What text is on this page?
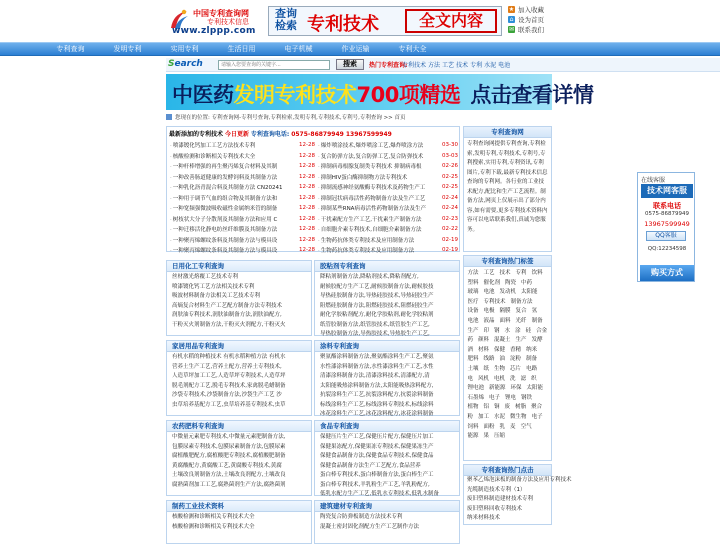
中国专利查询网
专利技术信息
www.zlppp.com
查询检索 专利技术	全文内容
★ 加入收藏
⌂ 设为首页
✉ 联系我们
专利查询	发明专利	实用专利	生活日用	电子机械	作业运输	专利大全
Search
请输入您要查询的关键字...	搜索	热门专利查询:
专利技术 方法 工艺 技术 专利 水泥 电池
中医药发明专利技术700项精选 点击查看详情
您现在的位置: 专利查询网-专利号查询,专利检索,发明专利,专利技术,专利号,专利查询 >> 首页
最新添加的专利技术 今日更新 专利查询电话: 0575-86879949 13967599949
· 喷漆镀化钙加工工艺方法技术专利	12-28
· 核酸检测和诊断相关专利技术大全	12-28
· 一种杆棒增强的再生聚丙烯复合材料及其制	12-28
· 一种改善肠道健康的发酵饲料及其制备方法	12-28
· 一种乳化沥青混合料及其制备方法 CN20241	12-28
· 一种用于调节气血的组合物及其制备方法和	12-28
· 一种宽频强微波吸收磁性金属纳米管的制备	12-28
· 树枝状大分子分散剂及其制备方法和应用 C	12-28
· 一种迁移活化静电纺丝纤维膜及其制备方法	12-28
· 一种聚丙烯螺纹条料及其制备方法与模具设	12-28
· 一种聚丙烯螺纹条料及其制备方法与模具设	12-28
· 爆炸喷涂技术,爆炸喷涂工艺,爆炸喷涂方法	03-30
· 复合防弹方法,复合防弹工艺,复合防弹技术	03-03
· 抑制病毒根腺复制类专利技术 抑制病毒根	02-26
· 抑制HIV蛋白酶抑制物方法专利技术	02-25
· 抑制流感神经氨酸酶专利技术及药物生产工	02-25
· 抑制冠状病毒活性药物制备方法及生产工艺	02-24
· 抑制某些RNA病毒活性药物制备方法及生产	02-24
· 干扰素配方生产工艺,干扰素生产制备方法	02-23
· 自细胞介素专利技术,自细胞介素制备方法	02-22
· 生物药抗体类专利技术及应用制备方法	02-19
· 生物药抗体类专利技术及应用制备方法	02-19
日用化工专利查询
丝材激光熔覆工艺技术专利
喷漆镀化钙工艺方法相关技术专利
吸波材料制备方法相关工艺技术专利
高熵复合材料生产工艺配方制备方法专利技术
润肤油专利技术,润肤油制备方法,润肤油配方,
干粉灭火剂制备方法,干粉灭火剂配方,干粉灭火
胶粘剂专利查询
降粘剂制备方法,降粘剂技术,降粘剂配方,
耐候胶配方生产工艺,耐候胶制备方法,耐候胶技
导热硅胶制备方法,导热硅胶技术,导热硅胶生产
阻燃硅胶制备方法,阻燃硅胶技术,阻燃硅胶生产
耐化学胶粘剂配方,耐化学胶粘剂,耐化学胶粘剂
纸管胶制备方法,纸管胶技术,纸管胶生产工艺,
导热胶制备方法,导热胶技术,导热胶生产工艺,
家居用品专利查询
有机水稻的种植技术 有机水稻种植方法 有机水
营养土生产工艺,营养土配方,营养土专利技术,
人造草坪加工工艺,人造草坪专利技术,人造草坪
脱毛剂配方工艺,脱毛专利技术,家禽脱毛蜡制备
沙袋专利技术,沙袋制备方法,沙袋生产工艺 沙
虫草培养基配方工艺,虫草培养基专利技术,虫草
涂料专利查询
聚氨酯涂料制备方法,聚氨酯涂料生产工艺,聚氨
水性漆涂料制备方法,水性漆涂料生产工艺,水性
清漆涂料制备方法,清漆涂料技术,清漆配方,清
太阳能吸热涂料制备方法,太阳能吸热涂料配方,
抗裂涂料生产工艺,抗裂涂料配方,抗裂涂料制备
标线涂料生产工艺,标线涂料专利技术,标线涂料
冰花涂料生产工艺,冰花涂料配方,冰花涂料制备
农药肥料专利查询
中微量元素肥专利技术,中微量元素肥制备方法,
包膜尿素专利技术,包膜尿素制备方法,包膜尿素
腐植酸肥配方,腐植酸肥专利技术,腐植酸肥制备
黄腐酸配方,黄腐酸工艺,黄腐酸专利技术,黄腐
土壤改良剂制备方法,土壤改良剂配方,土壤改良
腐熟菌剂加工工艺,腐熟菌剂生产方法,腐熟菌剂
食品专利查询
保健压片生产工艺,保健压片配方,保健压片加工
保健果冻配方,保健果冻专利技术,保健果冻生产
保健食品制备方法,保健食品专利技术,保健食品
保健食品制备方法生产工艺配方,食品营养
蛋白棒专利技术,蛋白棒制备方法,蛋白棒生产工
蛋白棒专利技术,羊乳粉生产工艺,羊乳粉配方,
低乳水配方生产工艺,低乳水专利技术,低乳水制备
制药工业技术资料
核酸检测和诊断相关专利技术大全
核酸检测和诊断相关专利技术大全
建筑建材专利查询
陶瓷复合防弹板制造方法技术专利
混凝土密封固化剂配方生产工艺制作方法
专利查询网
专利查询网提供专利查询,专利检索,发明专利,专利技术,专利号,专利搜索,实用专利,专利资讯,专利图片,专利下载,最新专利技术信息查询的专利网。各行业的工业技术配方,配比和生产工艺流程。制备方法,网页上仅展示出了部分内容,如有需要,更多专利技术资料内容可以电话联系我们,真诚为您服务。
专利查询热门标签
方法 工艺 技术 专利 饮料
塑料 催化剂 陶瓷 中药
玻璃 电池 发动机 太阳能
医疗 专利技术 制备方法
设备 电极 隔膜 复合 氢
电池 液晶 面料 光纤 制备
生产 印 钢 水 涂 硅 合金
药 颜料 混凝土 生产 发酵
酒 材料 保健 香精 纳米
肥料 线路 油 淀粉 制备
土壤 纸 生物 芯片 电路
电 风机 电机 洗 滤 织
锂电池 新能源 环保 太阳能
石墨烯 电子 锂电 钢铁
植物 铝 铜 废 树脂 聚合
粉 加工 水泥 微生物 电子
饲料 面粉 乳 麦 空气
能源 果 压缩
专利查询热门点击
聚苯乙烯泡沫板的制备方法及应用专利技术
光缆制造技术专利（1）
废旧塑料制造建材技术专利
废旧塑料回收专利技术
纳米材料技术
在线客服
技术网客服
联系电话
0575-86879949
13967599949
QQ客服
QQ:12234598
购买方式
